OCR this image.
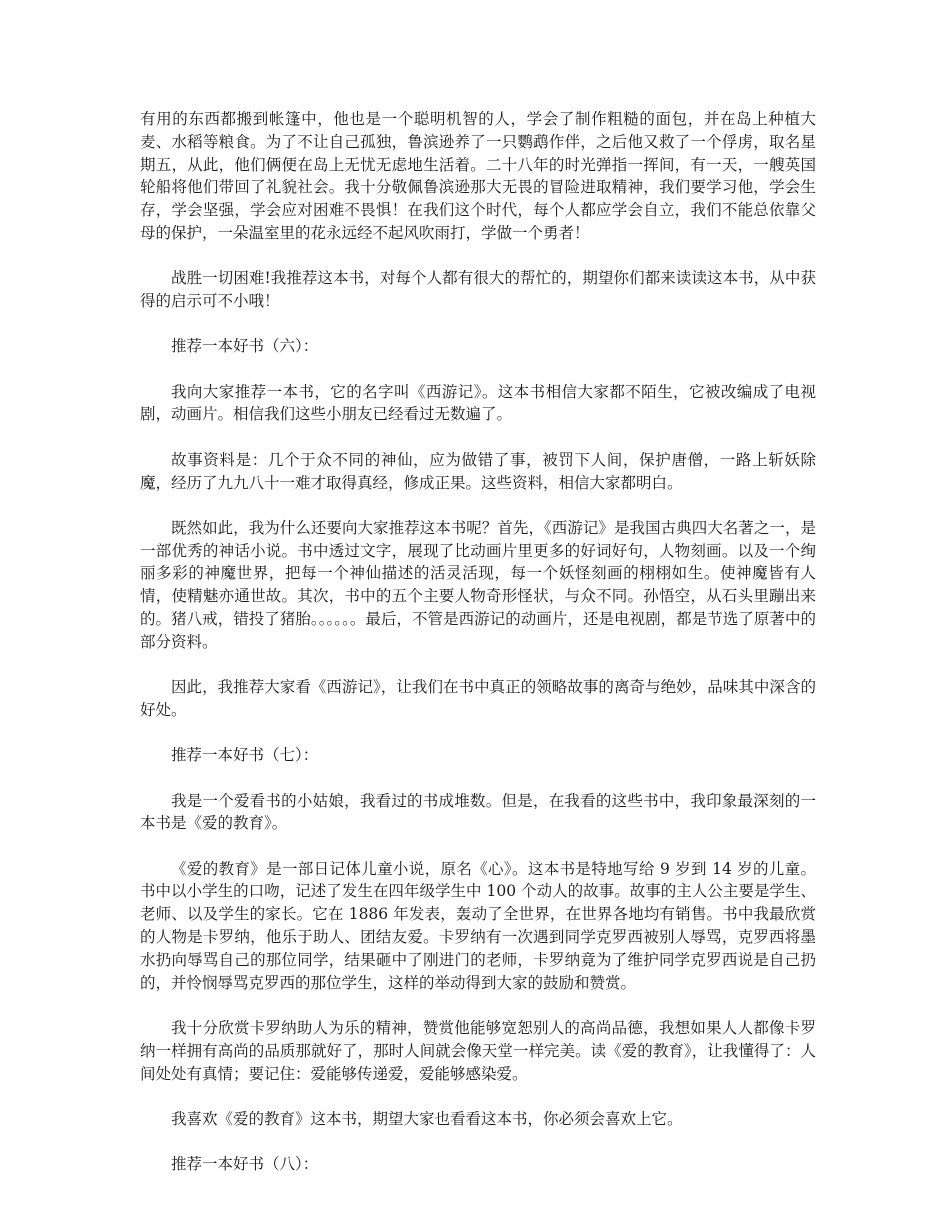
有用的东西都搬到帐篷中，他也是一个聪明机智的人，学会了制作粗糙的面包，并在岛上种植大麦、水稻等粮食。为了不让自己孤独，鲁滨逊养了一只鹦鹉作伴，之后他又救了一个俘虏，取名星期五，从此，他们俩便在岛上无忧无虑地生活着。二十八年的时光弹指一挥间，有一天，一艘英国轮船将他们带回了礼貌社会。我十分敬佩鲁滨逊那大无畏的冒险进取精神，我们要学习他，学会生存，学会坚强，学会应对困难不畏惧！在我们这个时代，每个人都应学会自立，我们不能总依靠父母的保护，一朵温室里的花永远经不起风吹雨打，学做一个勇者！

战胜一切困难!我推荐这本书，对每个人都有很大的帮忙的，期望你们都来读读这本书，从中获得的启示可不小哦！

推荐一本好书（六）：

我向大家推荐一本书，它的名字叫《西游记》。这本书相信大家都不陌生，它被改编成了电视剧，动画片。相信我们这些小朋友已经看过无数遍了。

故事资料是：几个于众不同的神仙，应为做错了事，被罚下人间，保护唐僧，一路上斩妖除魔，经历了九九八十一难才取得真经，修成正果。这些资料，相信大家都明白。

既然如此，我为什么还要向大家推荐这本书呢？首先，《西游记》是我国古典四大名著之一，是一部优秀的神话小说。书中透过文字，展现了比动画片里更多的好词好句，人物刻画。以及一个绚丽多彩的神魔世界，把每一个神仙描述的活灵活现，每一个妖怪刻画的栩栩如生。使神魔皆有人情，使精魅亦通世故。其次，书中的五个主要人物奇形怪状，与众不同。孙悟空，从石头里蹦出来的。猪八戒，错投了猪胎。。。。。。最后，不管是西游记的动画片，还是电视剧，都是节选了原著中的部分资料。

因此，我推荐大家看《西游记》，让我们在书中真正的领略故事的离奇与绝妙，品味其中深含的好处。

推荐一本好书（七）：

我是一个爱看书的小姑娘，我看过的书成堆数。但是，在我看的这些书中，我印象最深刻的一本书是《爱的教育》。

《爱的教育》是一部日记体儿童小说，原名《心》。这本书是特地写给 9 岁到 14 岁的儿童。书中以小学生的口吻，记述了发生在四年级学生中 100 个动人的故事。故事的主人公主要是学生、老师、以及学生的家长。它在 1886 年发表，轰动了全世界，在世界各地均有销售。书中我最欣赏的人物是卡罗纳，他乐于助人、团结友爱。卡罗纳有一次遇到同学克罗西被别人辱骂，克罗西将墨水扔向辱骂自己的那位同学，结果砸中了刚进门的老师，卡罗纳竟为了维护同学克罗西说是自己扔的，并怜悯辱骂克罗西的那位学生，这样的举动得到大家的鼓励和赞赏。

我十分欣赏卡罗纳助人为乐的精神，赞赏他能够宽恕别人的高尚品德，我想如果人人都像卡罗纳一样拥有高尚的品质那就好了，那时人间就会像天堂一样完美。读《爱的教育》，让我懂得了：人间处处有真情；要记住：爱能够传递爱，爱能够感染爱。

我喜欢《爱的教育》这本书，期望大家也看看这本书，你必须会喜欢上它。

推荐一本好书（八）：
